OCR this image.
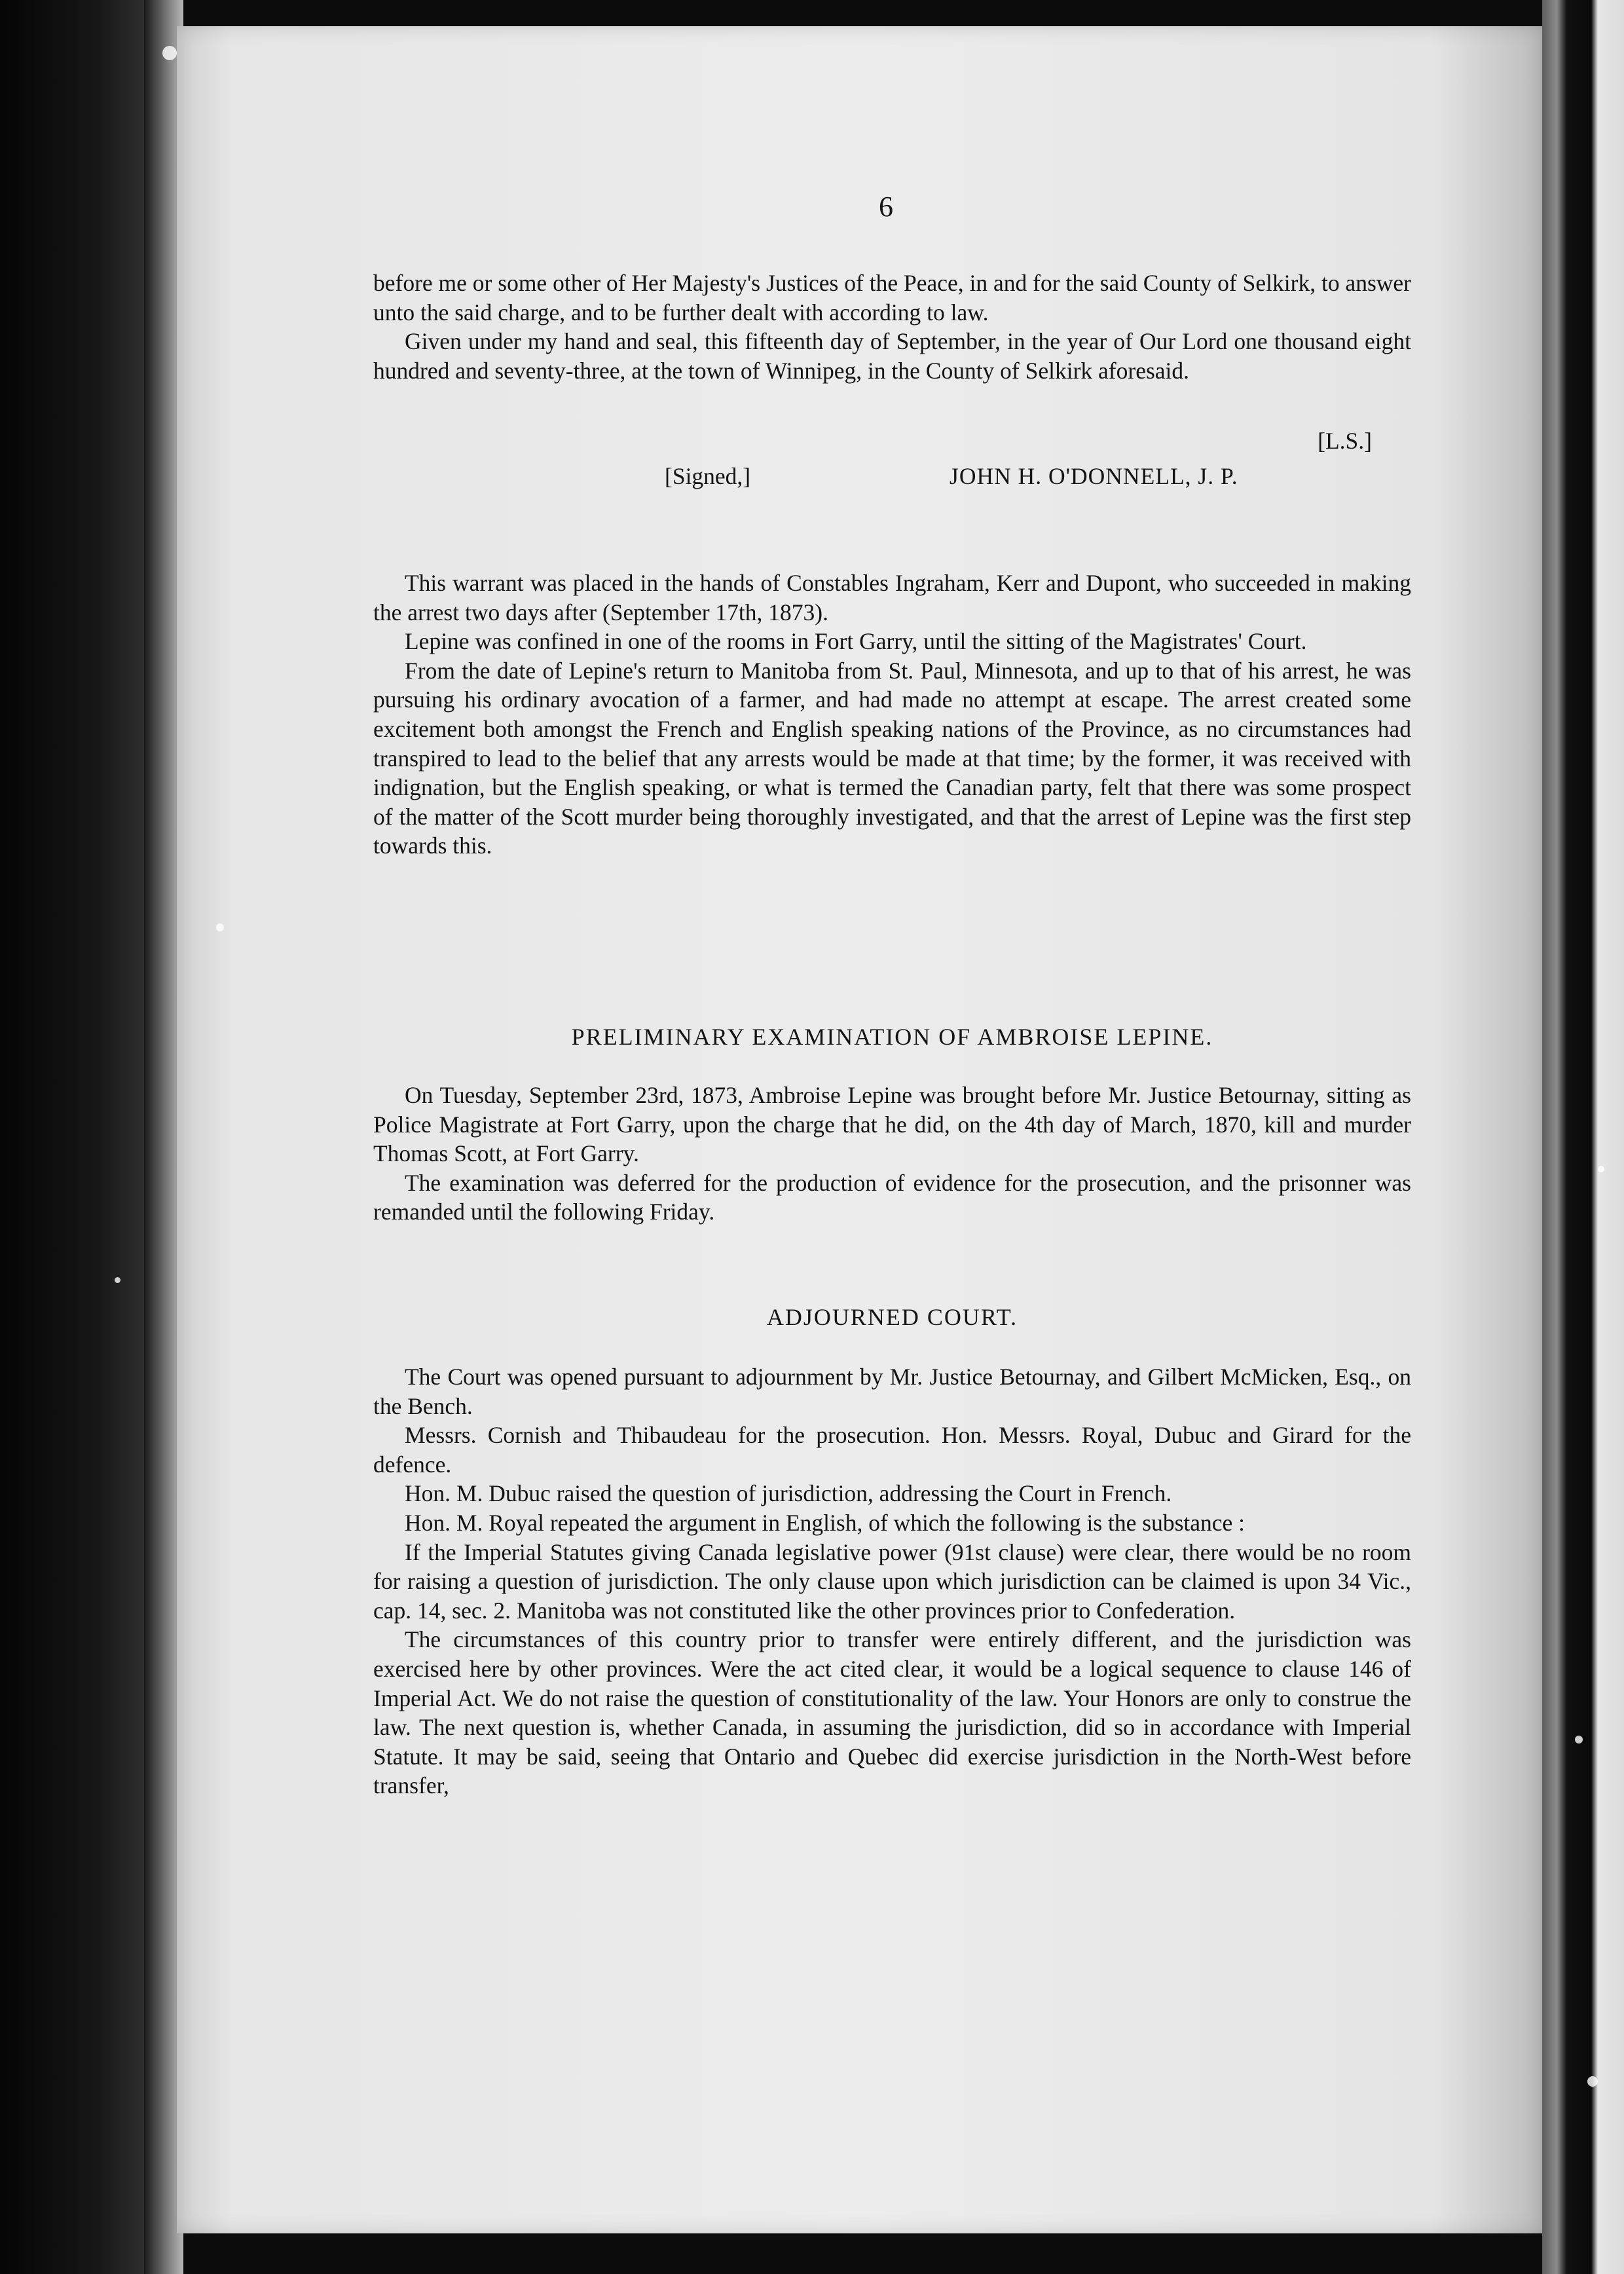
6

before me or some other of Her Majesty's Justices of the Peace, in and for the said County of Selkirk, to answer unto the said charge, and to be further dealt with according to law.

Given under my hand and seal, this fifteenth day of September, in the year of Our Lord one thousand eight hundred and seventy-three, at the town of Winnipeg, in the County of Selkirk aforesaid.

[L.S.]
[Signed,]	JOHN H. O'DONNELL, J. P.

This warrant was placed in the hands of Constables Ingraham, Kerr and Dupont, who succeeded in making the arrest two days after (September 17th, 1873).

Lepine was confined in one of the rooms in Fort Garry, until the sitting of the Magistrates' Court.

From the date of Lepine's return to Manitoba from St. Paul, Minnesota, and up to that of his arrest, he was pursuing his ordinary avocation of a farmer, and had made no attempt at escape. The arrest created some excitement both amongst the French and English speaking nations of the Province, as no circumstances had transpired to lead to the belief that any arrests would be made at that time; by the former, it was received with indignation, but the English speaking, or what is termed the Canadian party, felt that there was some prospect of the matter of the Scott murder being thoroughly investigated, and that the arrest of Lepine was the first step towards this.

PRELIMINARY EXAMINATION OF AMBROISE LEPINE.

On Tuesday, September 23rd, 1873, Ambroise Lepine was brought before Mr. Justice Betournay, sitting as Police Magistrate at Fort Garry, upon the charge that he did, on the 4th day of March, 1870, kill and murder Thomas Scott, at Fort Garry.

The examination was deferred for the production of evidence for the prosecution, and the prisonner was remanded until the following Friday.

ADJOURNED COURT.

The Court was opened pursuant to adjournment by Mr. Justice Betournay, and Gilbert McMicken, Esq., on the Bench.

Messrs. Cornish and Thibaudeau for the prosecution. Hon. Messrs. Royal, Dubuc and Girard for the defence.

Hon. M. Dubuc raised the question of jurisdiction, addressing the Court in French.

Hon. M. Royal repeated the argument in English, of which the following is the substance :

If the Imperial Statutes giving Canada legislative power (91st clause) were clear, there would be no room for raising a question of jurisdiction. The only clause upon which jurisdiction can be claimed is upon 34 Vic., cap. 14, sec. 2. Manitoba was not constituted like the other provinces prior to Confederation.

The circumstances of this country prior to transfer were entirely different, and the jurisdiction was exercised here by other provinces. Were the act cited clear, it would be a logical sequence to clause 146 of Imperial Act. We do not raise the question of constitutionality of the law. Your Honors are only to construe the law. The next question is, whether Canada, in assuming the jurisdiction, did so in accordance with Imperial Statute. It may be said, seeing that Ontario and Quebec did exercise jurisdiction in the North-West before transfer,
